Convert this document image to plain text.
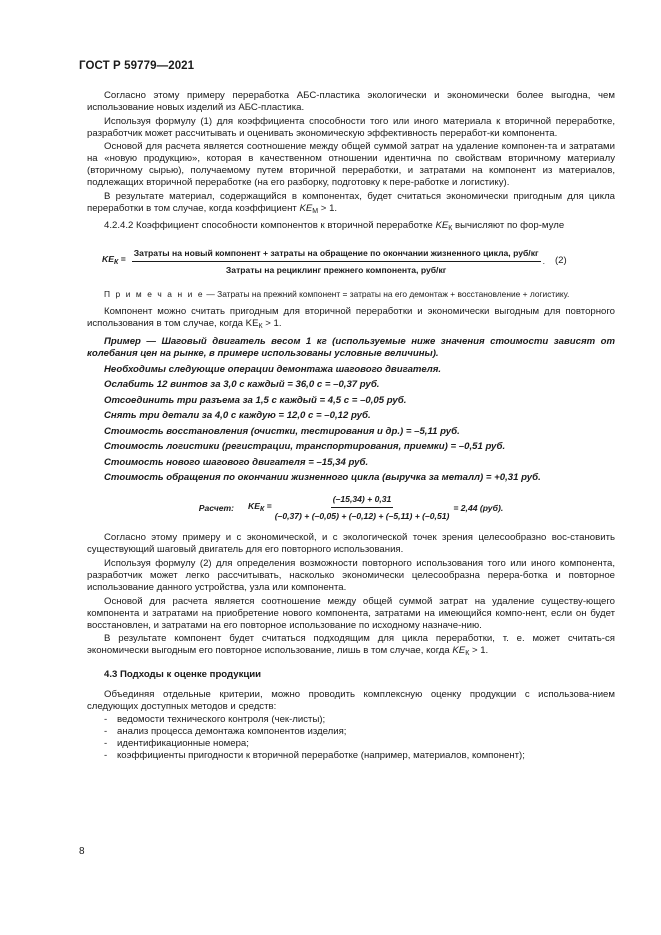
ГОСТ Р 59779—2021

Согласно этому примеру переработка АБС-пластика экологически и экономически более выгодна, чем использование новых изделий из АБС-пластика.

Используя формулу (1) для коэффициента способности того или иного материала к вторичной переработке, разработчик может рассчитывать и оценивать экономическую эффективность переработ-ки компонента.

Основой для расчета является соотношение между общей суммой затрат на удаление компонен-та и затратами на «новую продукцию», которая в качественном отношении идентична по свойствам вторичному материалу (вторичному сырью), получаемому путем вторичной переработки, и затратами на компонент из материалов, подлежащих вторичной переработке (на его разборку, подготовку к пере-работке и логистику).

В результате материал, содержащийся в компонентах, будет считаться экономически пригодным для цикла переработки в том случае, когда коэффициент $KE_M > 1$.

4.2.4.2 Коэффициент способности компонентов к вторичной переработке $KE_К$ вычисляют по фор-муле

$KE_К$ =
Затраты на новый компонент + затраты на обращение по окончании жизненного цикла, руб/кг
Затраты на рециклинг прежнего компонента, руб/кг
. (2)

П р и м е ч а н и е — Затраты на прежний компонент = затраты на его демонтаж + восстановление + логистику.

Компонент можно считать пригодным для вторичной переработки и экономически выгодным для повторного использования в том случае, когда $KE_К > 1$.

Пример — Шаговый двигатель весом 1 кг (используемые ниже значения стоимости зависят от колебания цен на рынке, в примере использованы условные величины).

Необходимы следующие операции демонтажа шагового двигателя.

Ослабить 12 винтов за 3,0 с каждый = 36,0 с = –0,37 руб.

Отсоединить три разъема за 1,5 с каждый = 4,5 с = –0,05 руб.

Снять три детали за 4,0 с каждую = 12,0 с = –0,12 руб.

Стоимость восстановления (очистки, тестирования и др.) = –5,11 руб.

Стоимость логистики (регистрации, транспортирования, приемки) = –0,51 руб.

Стоимость нового шагового двигателя = –15,34 руб.

Стоимость обращения по окончании жизненного цикла (выручка за металл) = +0,31 руб.

Расчет: $KE_К = \frac{(-15,34) + 0,31}{(-0,37) + (-0,05) + (-0,12) + (-5,11) + (-0,51)} = 2,44$ (руб).

Согласно этому примеру и с экономической, и с экологической точек зрения целесообразно вос-становить существующий шаговый двигатель для его повторного использования.

Используя формулу (2) для определения возможности повторного использования того или иного компонента, разработчик может легко рассчитывать, насколько экономически целесообразна перера-ботка и повторное использование данного устройства, узла или компонента.

Основой для расчета является соотношение между общей суммой затрат на удаление существу-ющего компонента и затратами на приобретение нового компонента, затратами на имеющийся компо-нент, если он будет восстановлен, и затратами на его повторное использование по исходному назначе-нию.

В результате компонент будет считаться подходящим для цикла переработки, т. е. может считать-ся экономически выгодным его повторное использование, лишь в том случае, когда $KE_К > 1$.

4.3 Подходы к оценке продукции

Объединяя отдельные критерии, можно проводить комплексную оценку продукции с использова-нием следующих доступных методов и средств:

-	ведомости технического контроля (чек-листы);
-	анализ процесса демонтажа компонентов изделия;
-	идентификационные номера;
-	коэффициенты пригодности к вторичной переработке (например, материалов, компонент);
8
